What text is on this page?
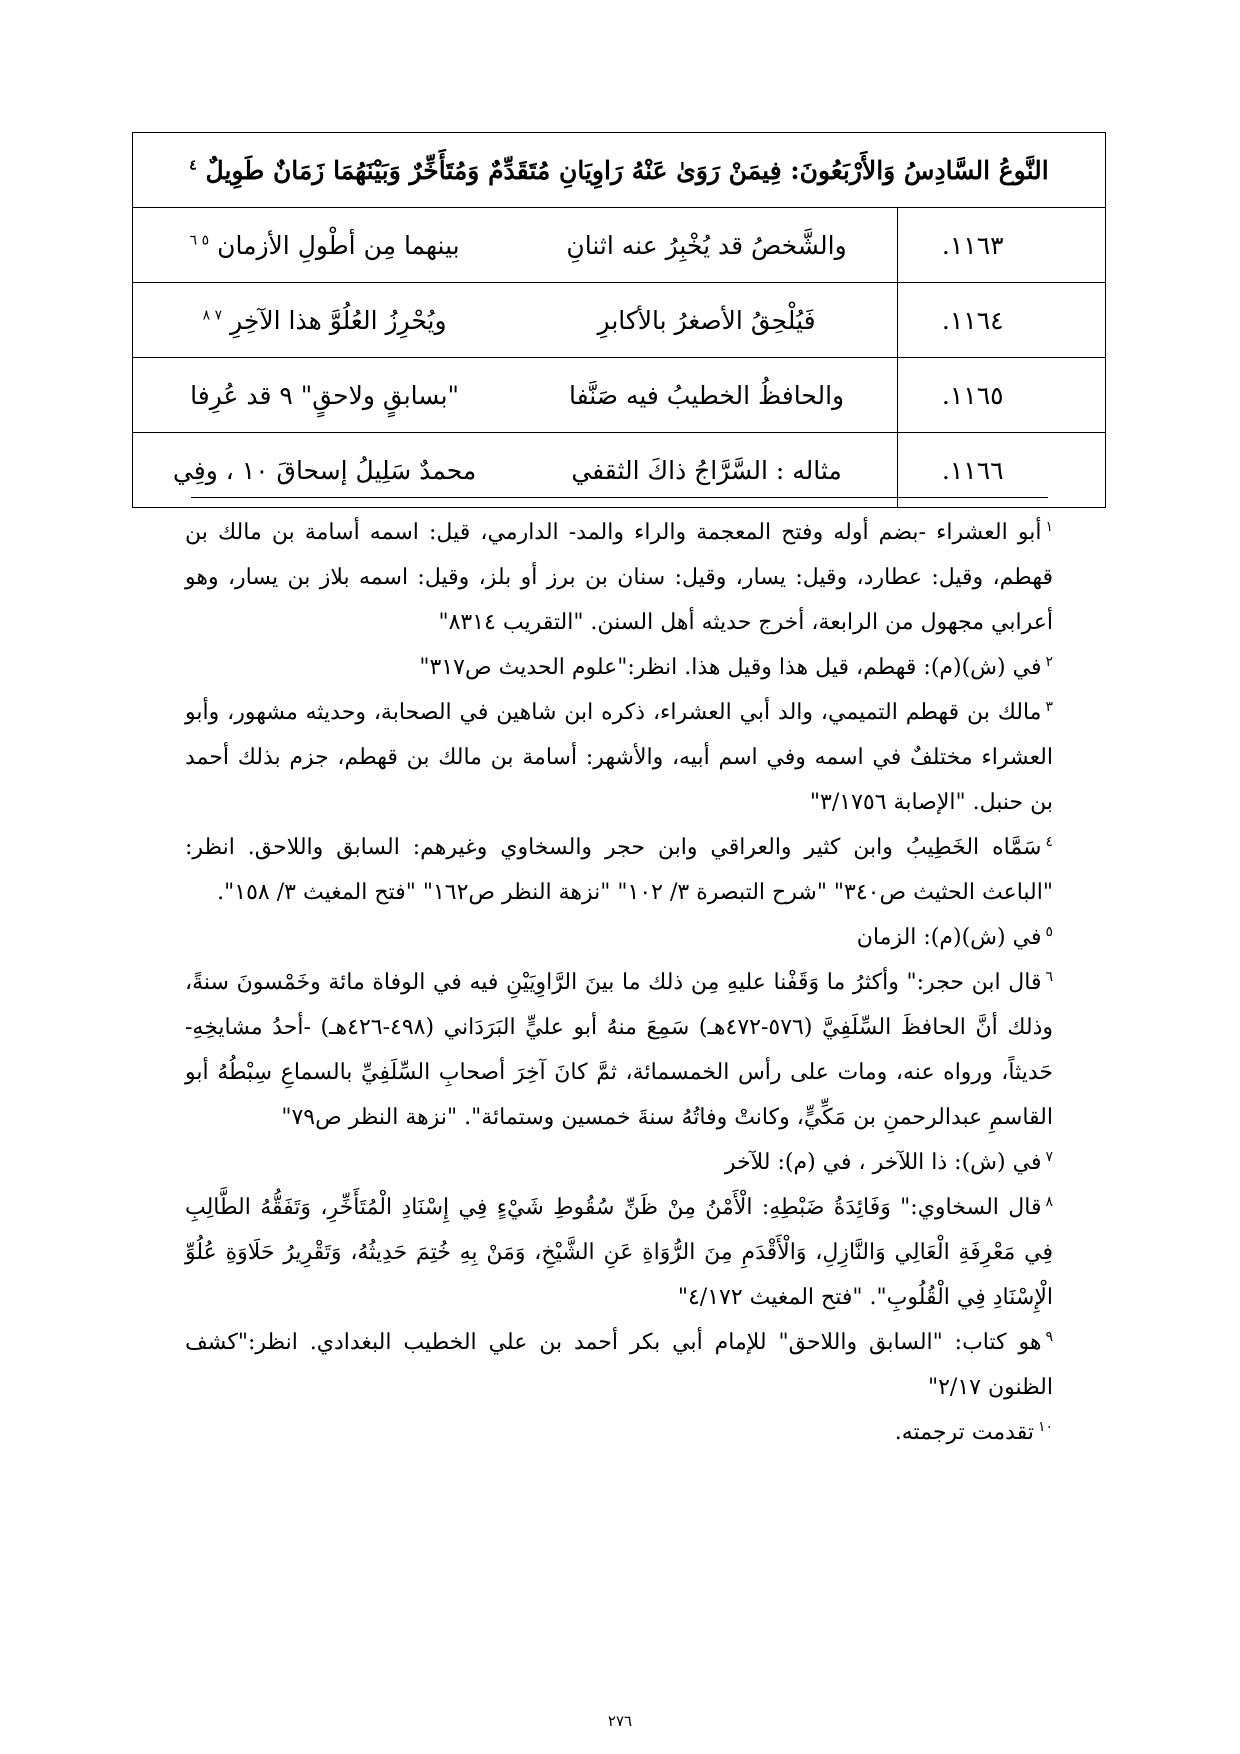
النَّوعُ السَّادِسُ وَالأَرْبَعُونَ: فِيمَنْ رَوَىٰ عَنْهُ رَاوِيَانِ مُتَقَدِّمٌ وَمُتَأَخِّرٌ وَبَيْنَهُمَا زَمَانٌ طَوِيلٌ $^٤$
١١٦٣.	والشَّخصُ قد يُخْبِرُ عنه اثنانِ	بينهما مِن أطْولِ الأزمان $^{٥ ٦}$
١١٦٤.	فَيُلْحِقُ الأصغرُ بالأكابرِ	ويُحْرِزُ العُلُوَّ هذا الآخِرِ $^{٧ ٨}$
١١٦٥.	والحافظُ الخطيبُ فيه صَنَّفا	"بسابقٍ ولاحقٍ" ٩ قد عُرِفا
١١٦٦.	مثاله : السَّرَّاجُ ذاكَ الثقفي	محمدٌ سَلِيلُ إسحاقَ ١٠ ، وفِي

$^١$أبو العشراء -بضم أوله وفتح المعجمة والراء والمد- الدارمي، قيل: اسمه أسامة بن مالك بن قهطم، وقيل: عطارد، وقيل: يسار، وقيل: سنان بن برز أو بلز، وقيل: اسمه بلاز بن يسار، وهو أعرابي مجهول من الرابعة، أخرج حديثه أهل السنن. "التقريب ٨٣١٤"

$^٢$في (ش)(م): قهطم، قيل هذا وقيل هذا. انظر:"علوم الحديث ص٣١٧"

$^٣$مالك بن قهطم التميمي، والد أبي العشراء، ذكره ابن شاهين في الصحابة، وحديثه مشهور، وأبو العشراء مختلفٌ في اسمه وفي اسم أبيه، والأشهر: أسامة بن مالك بن قهطم، جزم بذلك أحمد بن حنبل. "الإصابة ٣/١٧٥٦"

$^٤$سَمَّاه الخَطِيبُ وابن كثير والعراقي وابن حجر والسخاوي وغيرهم: السابق واللاحق. انظر: "الباعث الحثيث ص٣٤٠" "شرح التبصرة ٣/ ١٠٢" "نزهة النظر ص١٦٢" "فتح المغيث ٣/ ١٥٨".

$^٥$في (ش)(م): الزمان

$^٦$قال ابن حجر:" وأكثرُ ما وَقَفْنا عليهِ مِن ذلك ما بينَ الرَّاوِيَيْنِ فيه في الوفاة مائة وخَمْسونَ سنةً، وذلك أنَّ الحافظَ السِّلَفِيَّ (٥٧٦-٤٧٢هـ) سَمِعَ منهُ أبو عليٍّ البَرَدَاني (٤٩٨-٤٢٦هـ) -أحدُ مشايخِهِ- حَديثاً، ورواه عنه، ومات على رأس الخمسمائة، ثمَّ كانَ آخِرَ أصحابِ السِّلَفِيِّ بالسماعِ سِبْطُهُ أبو القاسمِ عبدالرحمنِ بن مَكِّيٍّ، وكانتْ وفاتُهُ سنةَ خمسين وستمائة". "نزهة النظر ص٧٩"

$^٧$في (ش): ذا اللآخر ، في (م): للآخر

$^٨$قال السخاوي:" وَفَائِدَةُ ضَبْطِهِ: الْأَمْنُ مِنْ ظَنِّ سُقُوطِ شَيْءٍ فِي إِسْنَادِ الْمُتَأَخِّرِ، وَتَفَقُّهُ الطَّالِبِ فِي مَعْرِفَةِ الْعَالِي وَالنَّازِلِ، وَالْأَقْدَمِ مِنَ الرُّوَاةِ عَنِ الشَّيْخِ، وَمَنْ بِهِ خُتِمَ حَدِيثُهُ، وَتَقْرِيرُ حَلَاوَةِ عُلُوِّ الْإِسْنَادِ فِي الْقُلُوبِ". "فتح المغيث ٤/١٧٢"

$^٩$هو كتاب: "السابق واللاحق" للإمام أبي بكر أحمد بن علي الخطيب البغدادي. انظر:"كشف الظنون ٢/١٧"

$^{١٠}$تقدمت ترجمته.

٢٧٦
